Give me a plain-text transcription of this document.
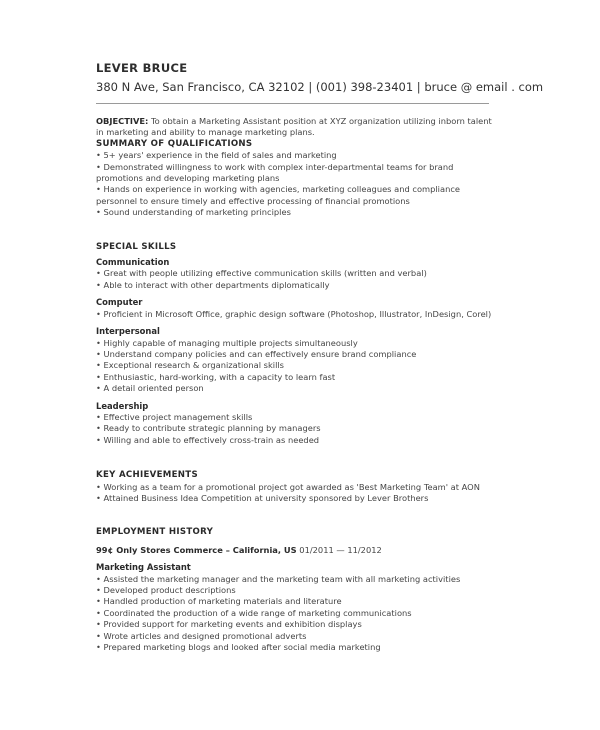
LEVER BRUCE
380 N Ave, San Francisco, CA 32102 | (001) 398-23401 | bruce @ email . com
OBJECTIVE: To obtain a Marketing Assistant position at XYZ organization utilizing inborn talent
in marketing and ability to manage marketing plans.
SUMMARY OF QUALIFICATIONS
• 5+ years' experience in the field of sales and marketing
• Demonstrated willingness to work with complex inter-departmental teams for brand
promotions and developing marketing plans
• Hands on experience in working with agencies, marketing colleagues and compliance
personnel to ensure timely and effective processing of financial promotions
• Sound understanding of marketing principles
SPECIAL SKILLS
Communication
• Great with people utilizing effective communication skills (written and verbal)
• Able to interact with other departments diplomatically
Computer
• Proficient in Microsoft Office, graphic design software (Photoshop, Illustrator, InDesign, Corel)
Interpersonal
• Highly capable of managing multiple projects simultaneously
• Understand company policies and can effectively ensure brand compliance
• Exceptional research & organizational skills
• Enthusiastic, hard-working, with a capacity to learn fast
• A detail oriented person
Leadership
• Effective project management skills
• Ready to contribute strategic planning by managers
• Willing and able to effectively cross-train as needed
KEY ACHIEVEMENTS
• Working as a team for a promotional project got awarded as 'Best Marketing Team' at AON
• Attained Business Idea Competition at university sponsored by Lever Brothers
EMPLOYMENT HISTORY
99¢ Only Stores Commerce – California, US 01/2011 — 11/2012
Marketing Assistant
• Assisted the marketing manager and the marketing team with all marketing activities
• Developed product descriptions
• Handled production of marketing materials and literature
• Coordinated the production of a wide range of marketing communications
• Provided support for marketing events and exhibition displays
• Wrote articles and designed promotional adverts
• Prepared marketing blogs and looked after social media marketing
